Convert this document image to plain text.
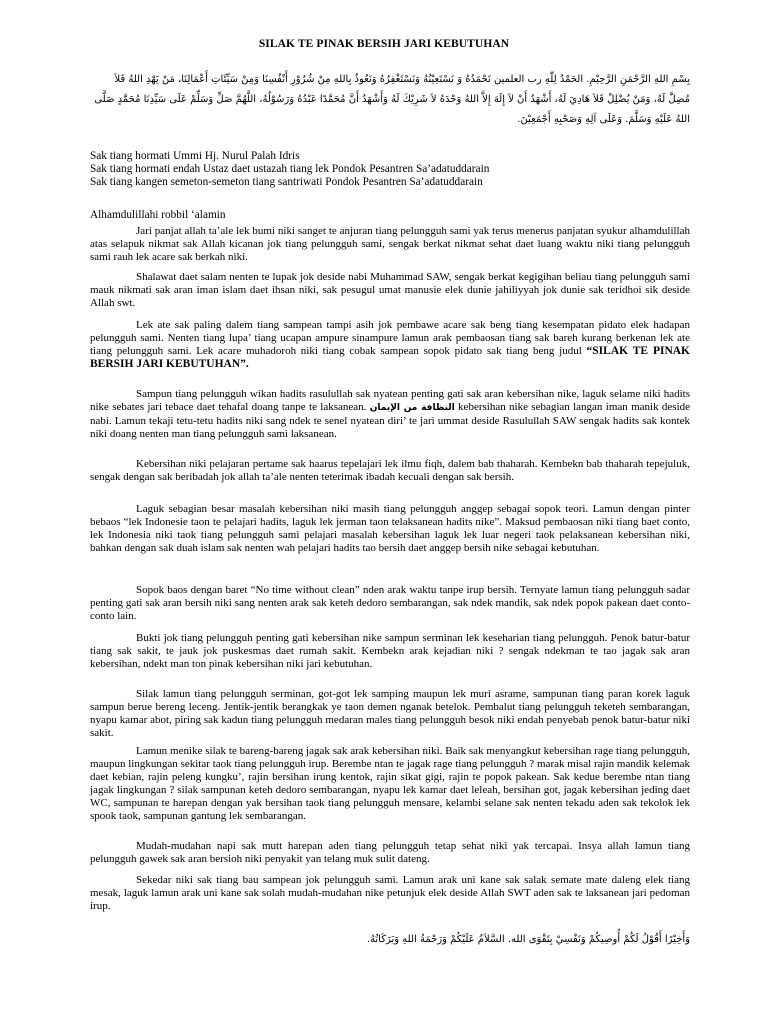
SILAK TE PINAK BERSIH JARI KEBUTUHAN
بِسْمِ اللهِ الرَّحْمَنِ الرَّحِيْمِ. الحَمْدُ لِلّٰهِ رب العلمين نَحْمَدُهُ وَ نَسْتَعِيْنُهُ وَنَسْتَغْفِرُهُ وَنَعُوذُ بِاللهِ مِنْ شُرُوْرِ أَنْفُسِنَا وَمِنْ سَيِّئَاتِ أَعْمَالِنَا، مَنْ يَهْدِ اللهُ فَلاَ مُضِلَّ لَهُ، وَمَنْ يُضْلِلْ فَلاَ هَادِيَ لَهُ، أَشْهَدُ أَنْ لاَ إِلَهَ إِلاَّ اللهُ وَحْدَهُ لاَ شَرِيْكَ لَهُ وَأَشْهَدُ أَنَّ مُحَمَّدًا عَبْدُهُ وَرَسُوْلُهُ، اللَّهُمَّ صَلِّ وَسَلِّمْ عَلَى سَيِّدِنَا مُحَمَّدٍ صَلَّى اللهُ عَلَيْهِ وَسَلَّمَ. وَعَلَى آلِهِ وَصَحْبِهِ أَجْمَعِيْنَ.
Sak tiang hormati Ummi Hj. Nurul Palah Idris
Sak tiang hormati endah Ustaz daet ustazah tiang lek Pondok Pesantren Sa’adatuddarain
Sak tiang kangen semeton-semeton tiang santriwati Pondok Pesantren Sa’adatuddarain
Alhamdulillahi robbil ‘alamin
Jari panjat allah ta’ale lek bumi niki sanget te anjuran tiang pelungguh sami yak terus menerus panjatan syukur alhamdulillah atas selapuk nikmat sak Allah kicanan jok tiang pelungguh sami, sengak berkat nikmat sehat daet luang waktu niki tiang pelungguh sami rauh lek acare sak berkah niki.
Shalawat daet salam nenten te lupak jok deside nabi Muhammad SAW, sengak berkat kegigihan beliau tiang pelungguh sami mauk nikmati sak aran iman islam daet ihsan niki, sak pesugul umat manusie elek dunie jahiliyyah jok dunie sak teridhoi sik deside Allah swt.
Lek ate sak paling dalem tiang sampean tampi asih jok pembawe acare sak beng tiang kesempatan pidato elek hadapan pelungguh sami. Nenten tiang lupa’ tiang ucapan ampure sinampure lamun arak pembaosan tiang sak bareh kurang berkenan lek ate tiang pelungguh sami. Lek acare muhadoroh niki tiang cobak sampean sopok pidato sak tiang beng judul “SILAK TE PINAK BERSIH JARI KEBUTUHAN”.
Sampun tiang pelungguh wikan hadits rasulullah sak nyatean penting gati sak aran kebersihan nike, laguk selame niki hadits nike sebates jari tebace daet tehafal doang tanpe te laksanean. النظافة من الإيمان kebersihan nike sebagian langan iman manik deside nabi. Lamun tekaji tetu-tetu hadits niki sang ndek te senel nyatean diri’ te jari ummat deside Rasulullah SAW sengak hadits sak kontek niki doang nenten man tiang pelungguh sami laksanean.
Kebersihan niki pelajaran pertame sak haarus tepelajari lek ilmu fiqh, dalem bab thaharah. Kembekn bab thaharah tepejuluk, sengak dengan sak beribadah jok allah ta’ale nenten teterimak ibadah kecuali dengan sak bersih.
Laguk sebagian besar masalah kebersihan niki masih tiang pelungguh anggep sebagai sopok teori. Lamun dengan pinter bebaos “lek Indonesie taon te pelajari hadits, laguk lek jerman taon telaksanean hadits nike”. Maksud pembaosan niki tiang baet conto, lek Indonesia niki taok tiang pelungguh sami pelajari masalah kebersihan laguk lek luar negeri taok pelaksanean kebersihan niki, bahkan dengan sak duah islam sak nenten wah pelajari hadits tao bersih daet anggep bersih nike sebagai kebutuhan.
Sopok baos dengan baret “No time without clean” nden arak waktu tanpe irup bersih. Ternyate lamun tiang pelungguh sadar penting gati sak aran bersih niki sang nenten arak sak keteh dedoro sembarangan, sak ndek mandik, sak ndek popok pakean daet conto-conto lain.
Bukti jok tiang pelungguh penting gati kebersihan nike sampun serminan lek keseharian tiang pelungguh. Penok batur-batur tiang sak sakit, te jauk jok puskesmas daet rumah sakit. Kembekn arak kejadian niki ? sengak ndekman te tao jagak sak aran kebersihan, ndekt man ton pinak kebersihan niki jari kebutuhan.
Silak lamun tiang pelungguh serminan, got-got lek samping maupun lek muri asrame, sampunan tiang paran korek laguk sampun berue bereng leceng. Jentik-jentik berangkak ye taon demen nganak betelok. Pembalut tiang pelungguh teketeh sembarangan, nyapu kamar abot, piring sak kadun tiang pelungguh medaran males tiang pelungguh besok niki endah penyebab penok batur-batur niki sakit.
Lamun menike silak te bareng-bareng jagak sak arak kebersihan niki. Baik sak menyangkut kebersihan rage tiang pelungguh, maupun lingkungan sekitar taok tiang pelungguh irup. Berembe ntan te jagak rage tiang pelungguh ? marak misal rajin mandik kelemak daet kebian, rajin peleng kungku’, rajin bersihan irung kentok, rajin sikat gigi, rajin te popok pakean. Sak kedue berembe ntan tiang jagak lingkungan ? silak sampunan keteh dedoro sembarangan, nyapu lek kamar daet leleah, bersihan got, jagak kebersihan jeding daet WC, sampunan te harepan dengan yak bersihan taok tiang pelungguh mensare, kelambi selane sak nenten tekadu aden sak tekolok lek spook taok, sampunan gantung lek sembarangan.
Mudah-mudahan napi sak mutt harepan aden tiang pelungguh tetap sehat niki yak tercapai. Insya allah lamun tiang pelungguh gawek sak aran bersioh niki penyakit yan telang muk sulit dateng.
Sekedar niki sak tiang bau sampean jok pelungguh sami. Lamun arak uni kane sak salak semate mate daleng elek tiang mesak, laguk lamun arak uni kane sak solah mudah-mudahan nike petunjuk elek deside Allah SWT aden sak te laksanean jari pedoman irup.
وَأَخِيْرًا أَقُوْلُ لَكُمْ أُوصِيكُمْ وَنَفْسِيْ بِتَقْوَى الله. السَّلاَمُ عَلَيْكُمْ وَرَحْمَةُ اللهِ وَبَرَكَاتُهُ.
